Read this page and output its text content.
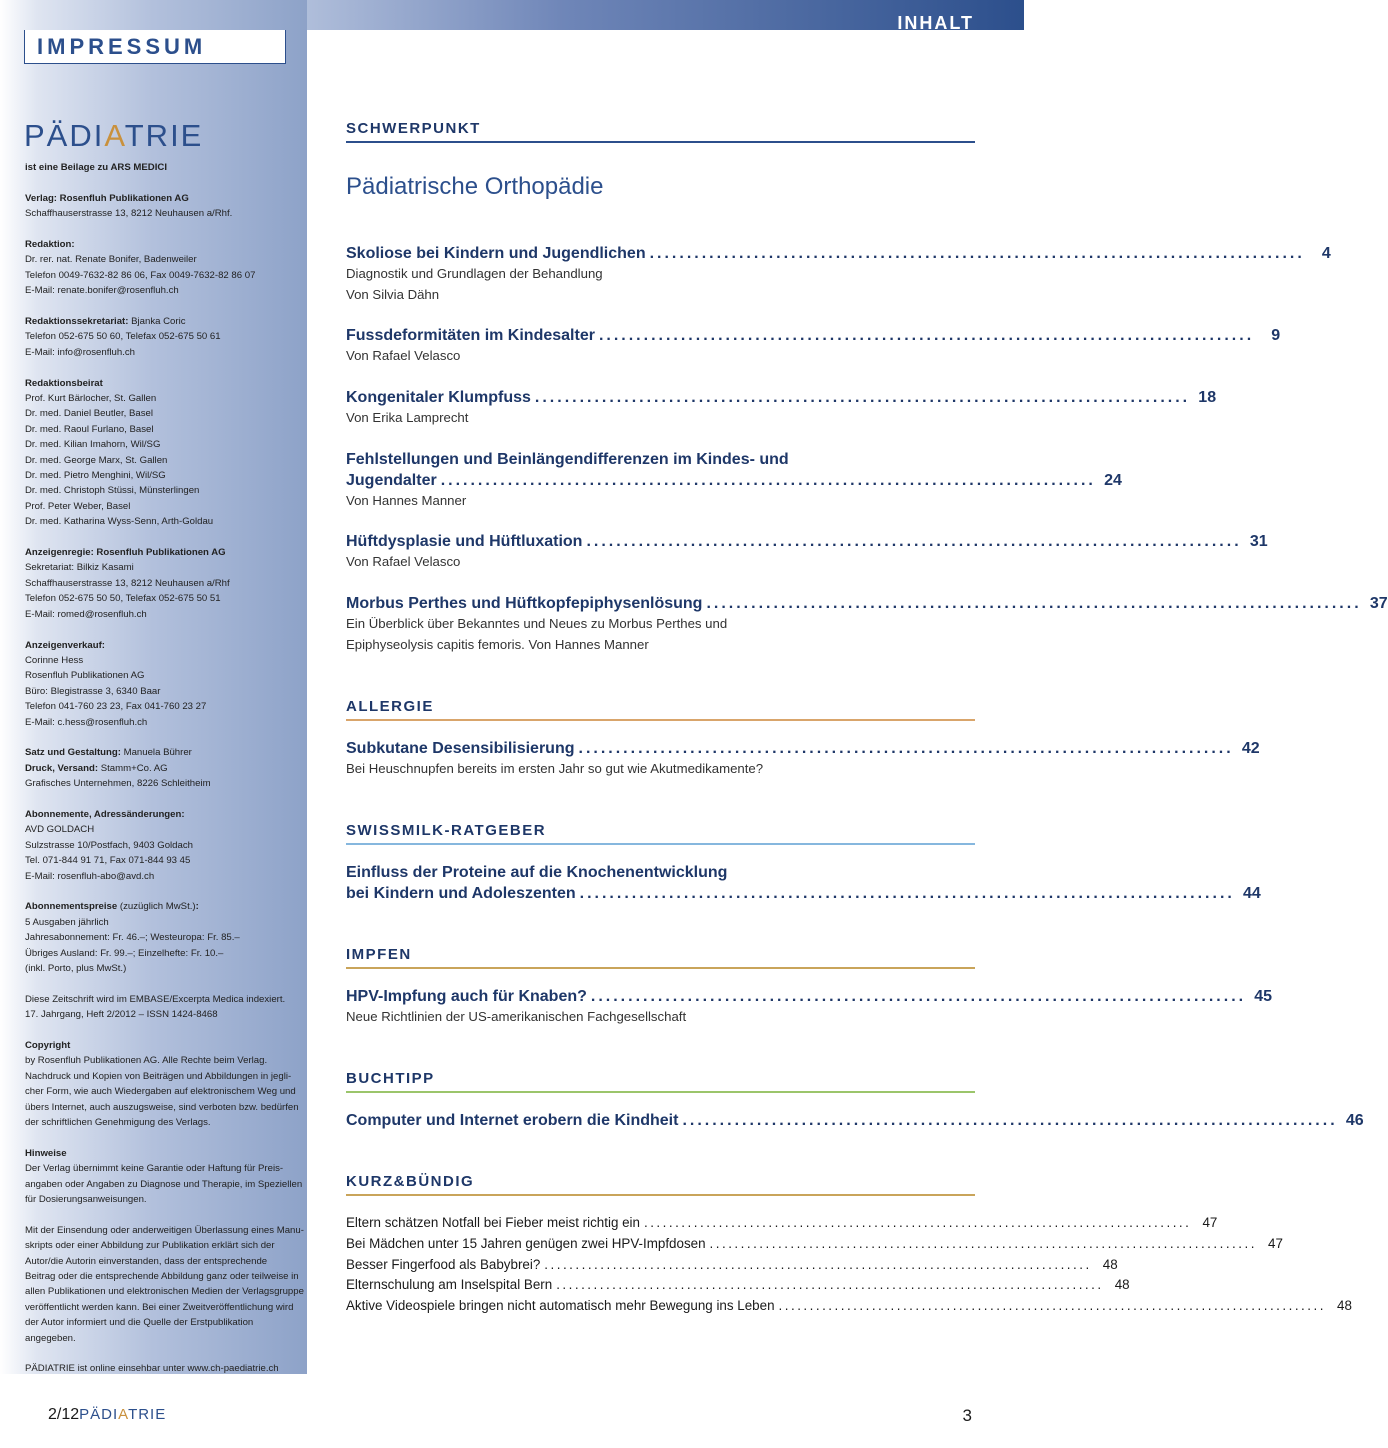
INHALT
IMPRESSUM
PÄDIATRIE
ist eine Beilage zu ARS MEDICI
Verlag: Rosenfluh Publikationen AG
Schaffhauserstrasse 13, 8212 Neuhausen a/Rhf.
Redaktion:
Dr. rer. nat. Renate Bonifer, Badenweiler
Telefon 0049-7632-82 86 06, Fax 0049-7632-82 86 07
E-Mail: renate.bonifer@rosenfluh.ch
Redaktionssekretariat: Bjanka Coric
Telefon 052-675 50 60, Telefax 052-675 50 61
E-Mail: info@rosenfluh.ch
Redaktionsbeirat
Prof. Kurt Bärlocher, St. Gallen
Dr. med. Daniel Beutler, Basel
Dr. med. Raoul Furlano, Basel
Dr. med. Kilian Imahorn, Wil/SG
Dr. med. George Marx, St. Gallen
Dr. med. Pietro Menghini, Wil/SG
Dr. med. Christoph Stüssi, Münsterlingen
Prof. Peter Weber, Basel
Dr. med. Katharina Wyss-Senn, Arth-Goldau
Anzeigenregie: Rosenfluh Publikationen AG
Sekretariat: Bilkiz Kasami
Schaffhauserstrasse 13, 8212 Neuhausen a/Rhf
Telefon 052-675 50 50, Telefax 052-675 50 51
E-Mail: romed@rosenfluh.ch
Anzeigenverkauf:
Corinne Hess
Rosenfluh Publikationen AG
Büro: Blegistrasse 3, 6340 Baar
Telefon 041-760 23 23, Fax 041-760 23 27
E-Mail: c.hess@rosenfluh.ch
Satz und Gestaltung: Manuela Bührer
Druck, Versand: Stamm+Co. AG
Grafisches Unternehmen, 8226 Schleitheim
Abonnemente, Adressänderungen:
AVD GOLDACH
Sulzstrasse 10/Postfach, 9403 Goldach
Tel. 071-844 91 71, Fax 071-844 93 45
E-Mail: rosenfluh-abo@avd.ch
Abonnementspreise (zuzüglich MwSt.):
5 Ausgaben jährlich
Jahresabonnement: Fr. 46.–; Westeuropa: Fr. 85.–
Übriges Ausland: Fr. 99.–; Einzelhefte: Fr. 10.–
(inkl. Porto, plus MwSt.)
Diese Zeitschrift wird im EMBASE/Excerpta Medica indexiert.
17. Jahrgang, Heft 2/2012 – ISSN 1424-8468
Copyright
by Rosenfluh Publikationen AG. Alle Rechte beim Verlag.
Nachdruck und Kopien von Beiträgen und Abbildungen in jegli-
cher Form, wie auch Wiedergaben auf elektronischem Weg und
übers Internet, auch auszugsweise, sind verboten bzw. bedürfen
der schriftlichen Genehmigung des Verlags.
Hinweise
Der Verlag übernimmt keine Garantie oder Haftung für Preis-
angaben oder Angaben zu Diagnose und Therapie, im Speziellen
für Dosierungsanweisungen.
Mit der Einsendung oder anderweitigen Überlassung eines Manu-
skripts oder einer Abbildung zur Publikation erklärt sich der
Autor/die Autorin einverstanden, dass der entsprechende
Beitrag oder die entsprechende Abbildung ganz oder teilweise in
allen Publikationen und elektronischen Medien der Verlagsgruppe
veröffentlicht werden kann. Bei einer Zweitveröffentlichung wird
der Autor informiert und die Quelle der Erstpublikation angegeben.
PÄDIATRIE ist online einsehbar unter www.ch-paediatrie.ch
SCHWERPUNKT
Pädiatrische Orthopädie
Skoliose bei Kindern und Jugendlichen ........................................................................................	4
Diagnostik und Grundlagen der Behandlung
Von Silvia Dähn
Fussdeformitäten im Kindesalter ........................................................................................	9
Von Rafael Velasco
Kongenitaler Klumpfuss ........................................................................................ 18
Von Erika Lamprecht
Fehlstellungen und Beinlängendifferenzen im Kindes- und
Jugendalter ........................................................................................ 24
Von Hannes Manner
Hüftdysplasie und Hüftluxation ........................................................................................ 31
Von Rafael Velasco
Morbus Perthes und Hüftkopfepiphysenlösung ........................................................................................ 37
Ein Überblick über Bekanntes und Neues zu Morbus Perthes und
Epiphyseolysis capitis femoris. Von Hannes Manner
ALLERGIE
Subkutane Desensibilisierung ........................................................................................ 42
Bei Heuschnupfen bereits im ersten Jahr so gut wie Akutmedikamente?
SWISSMILK-RATGEBER
Einfluss der Proteine auf die Knochenentwicklung
bei Kindern und Adoleszenten ........................................................................................ 44
IMPFEN
HPV-Impfung auch für Knaben? ........................................................................................ 45
Neue Richtlinien der US-amerikanischen Fachgesellschaft
BUCHTIPP
Computer und Internet erobern die Kindheit ........................................................................................ 46
KURZ&BÜNDIG
Eltern schätzen Notfall bei Fieber meist richtig ein ........................................................................................ 47
Bei Mädchen unter 15 Jahren genügen zwei HPV-Impfdosen ........................................................................................ 47
Besser Fingerfood als Babybrei? ........................................................................................ 48
Elternschulung am Inselspital Bern ........................................................................................ 48
Aktive Videospiele bringen nicht automatisch mehr Bewegung ins Leben ........................................................................................ 48
2/12PÄDIATRIE	3
